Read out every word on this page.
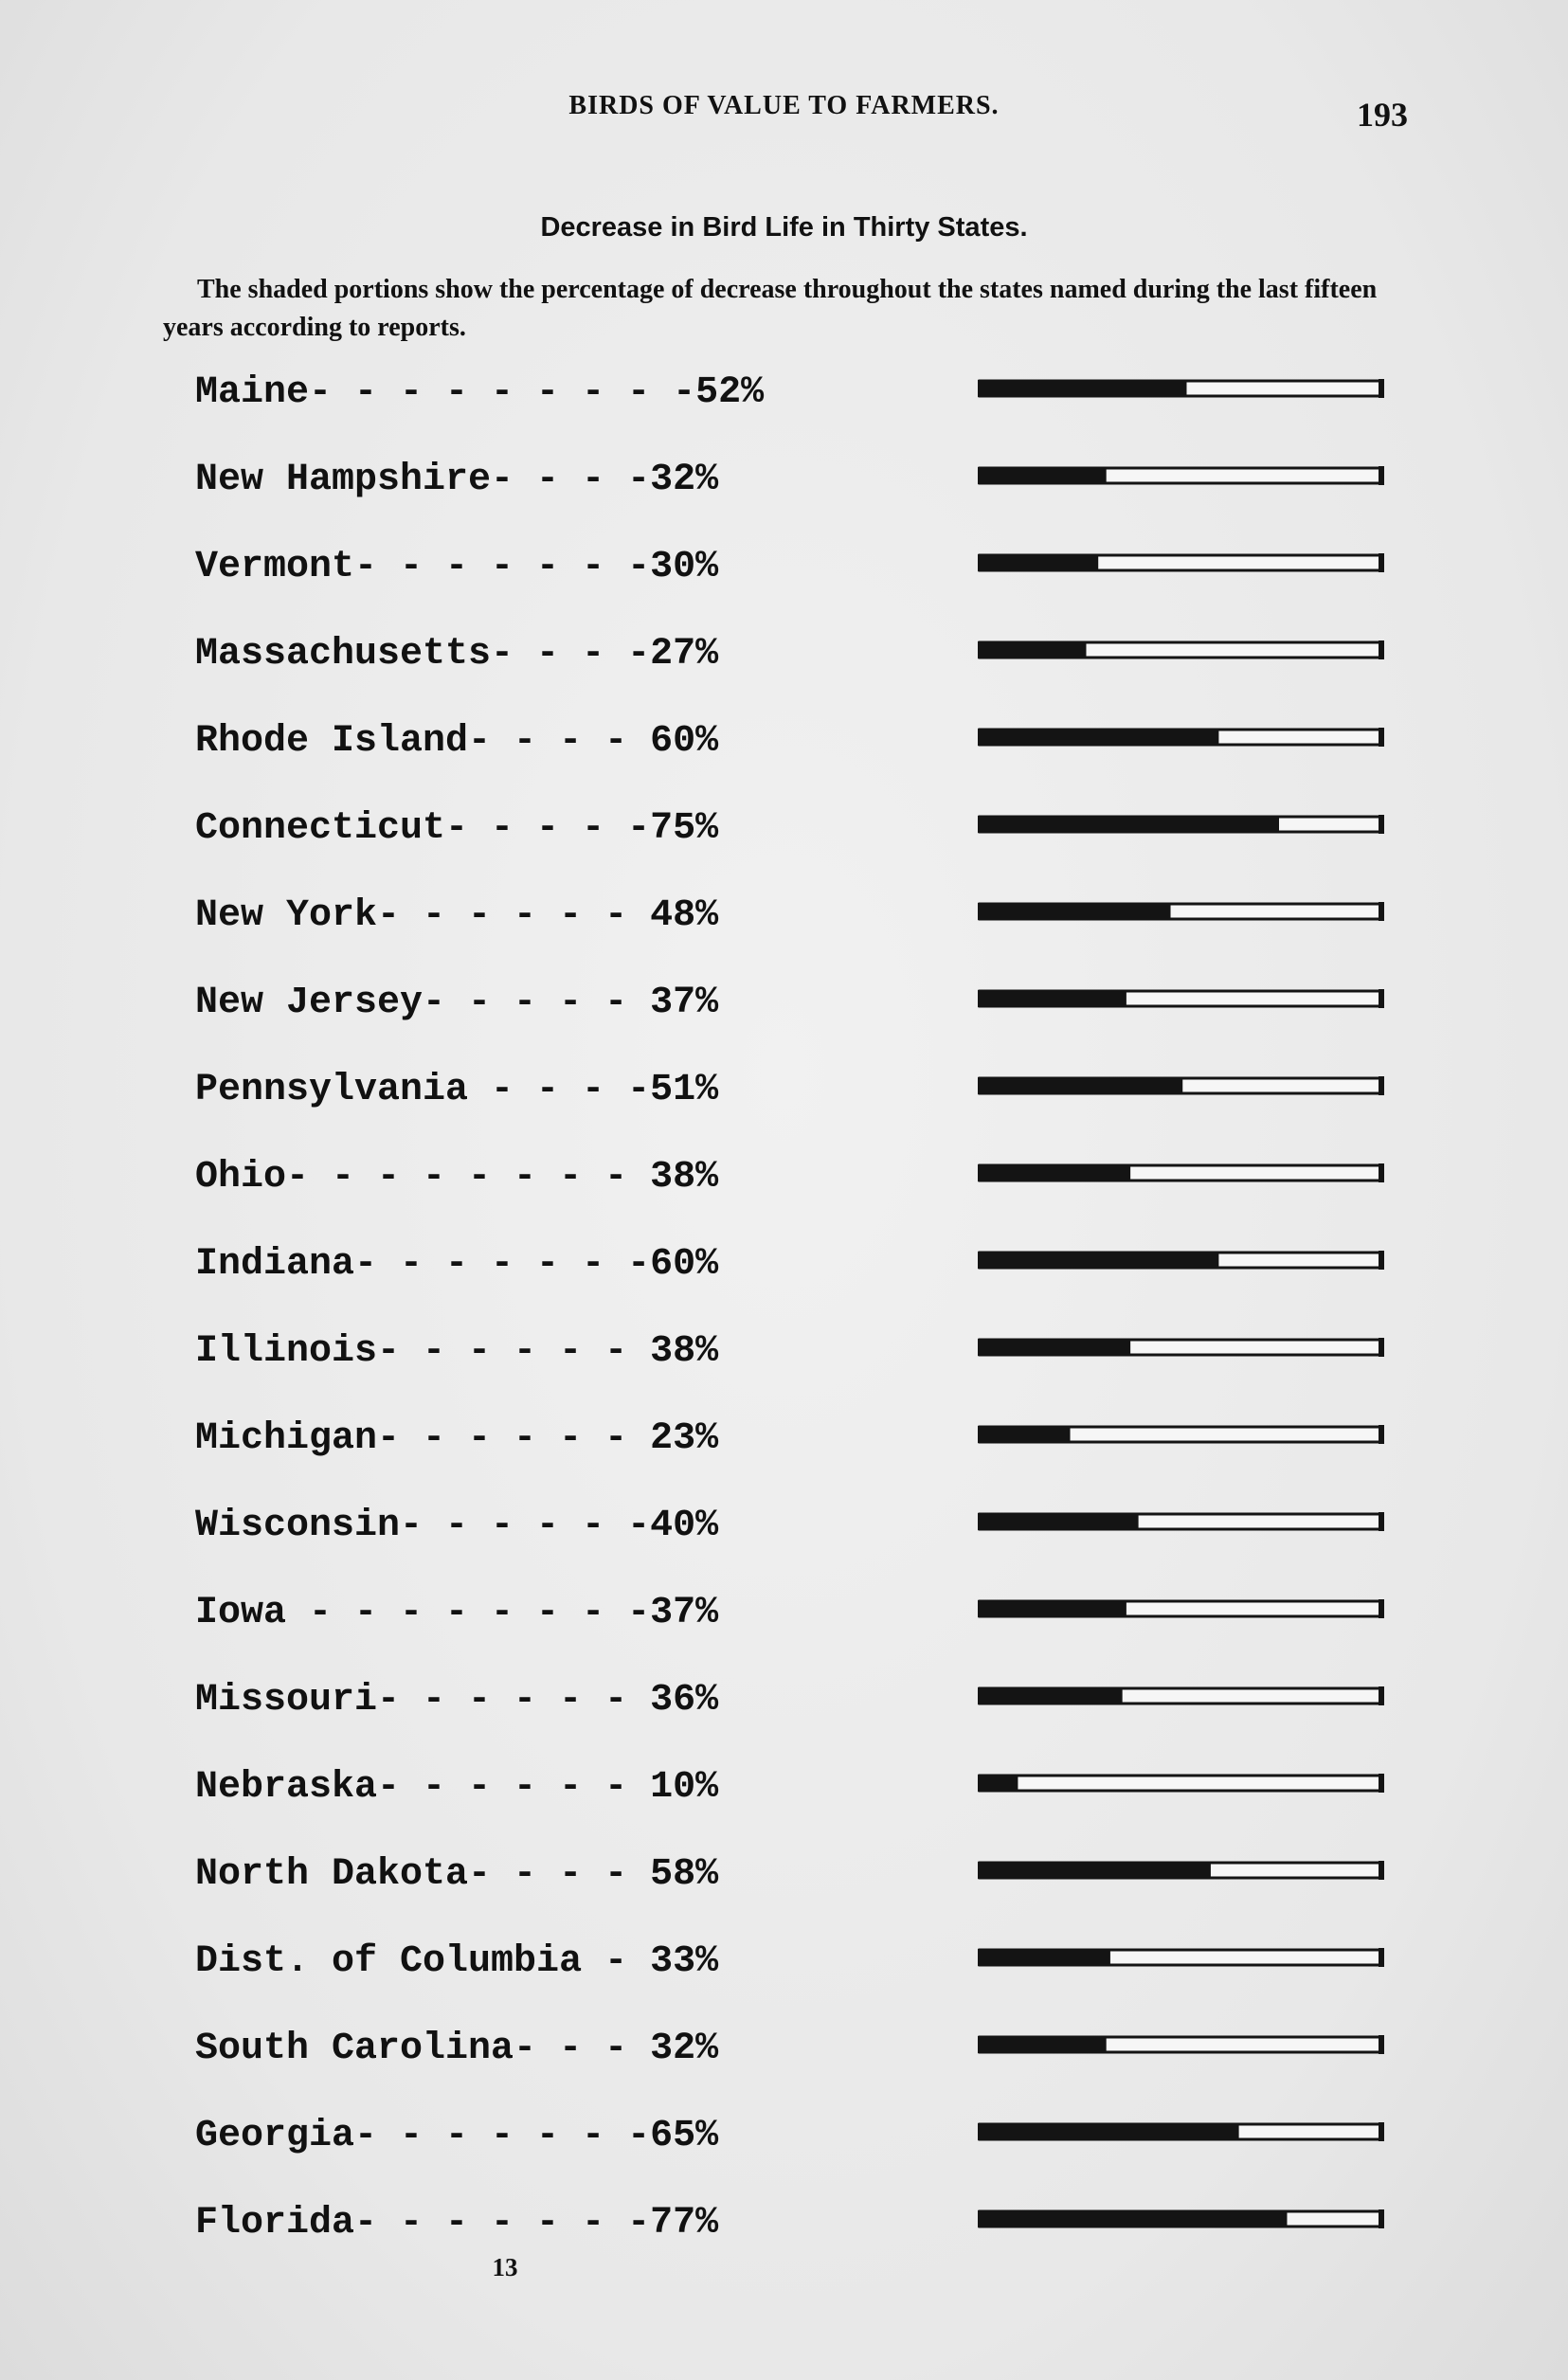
BIRDS OF VALUE TO FARMERS.	193
Decrease in Bird Life in Thirty States.
The shaded portions show the percentage of decrease throughout the states named during the last fifteen years according to reports.
Maine- - - - - - - - -52%
New Hampshire- - - -32%
Vermont- - - - - - -30%
Massachusetts- - - -27%
Rhode Island- - - - 60%
Connecticut- - - - -75%
New York- - - - - - 48%
New Jersey- - - - - 37%
Pennsylvania - - - -51%
Ohio- - - - - - - - 38%
Indiana- - - - - - -60%
Illinois- - - - - - 38%
Michigan- - - - - - 23%
Wisconsin- - - - - -40%
Iowa - - - - - - - -37%
Missouri- - - - - - 36%
Nebraska- - - - - - 10%
North Dakota- - - - 58%
Dist. of Columbia - 33%
South Carolina- - - 32%
Georgia- - - - - - -65%
Florida- - - - - - -77%
13
